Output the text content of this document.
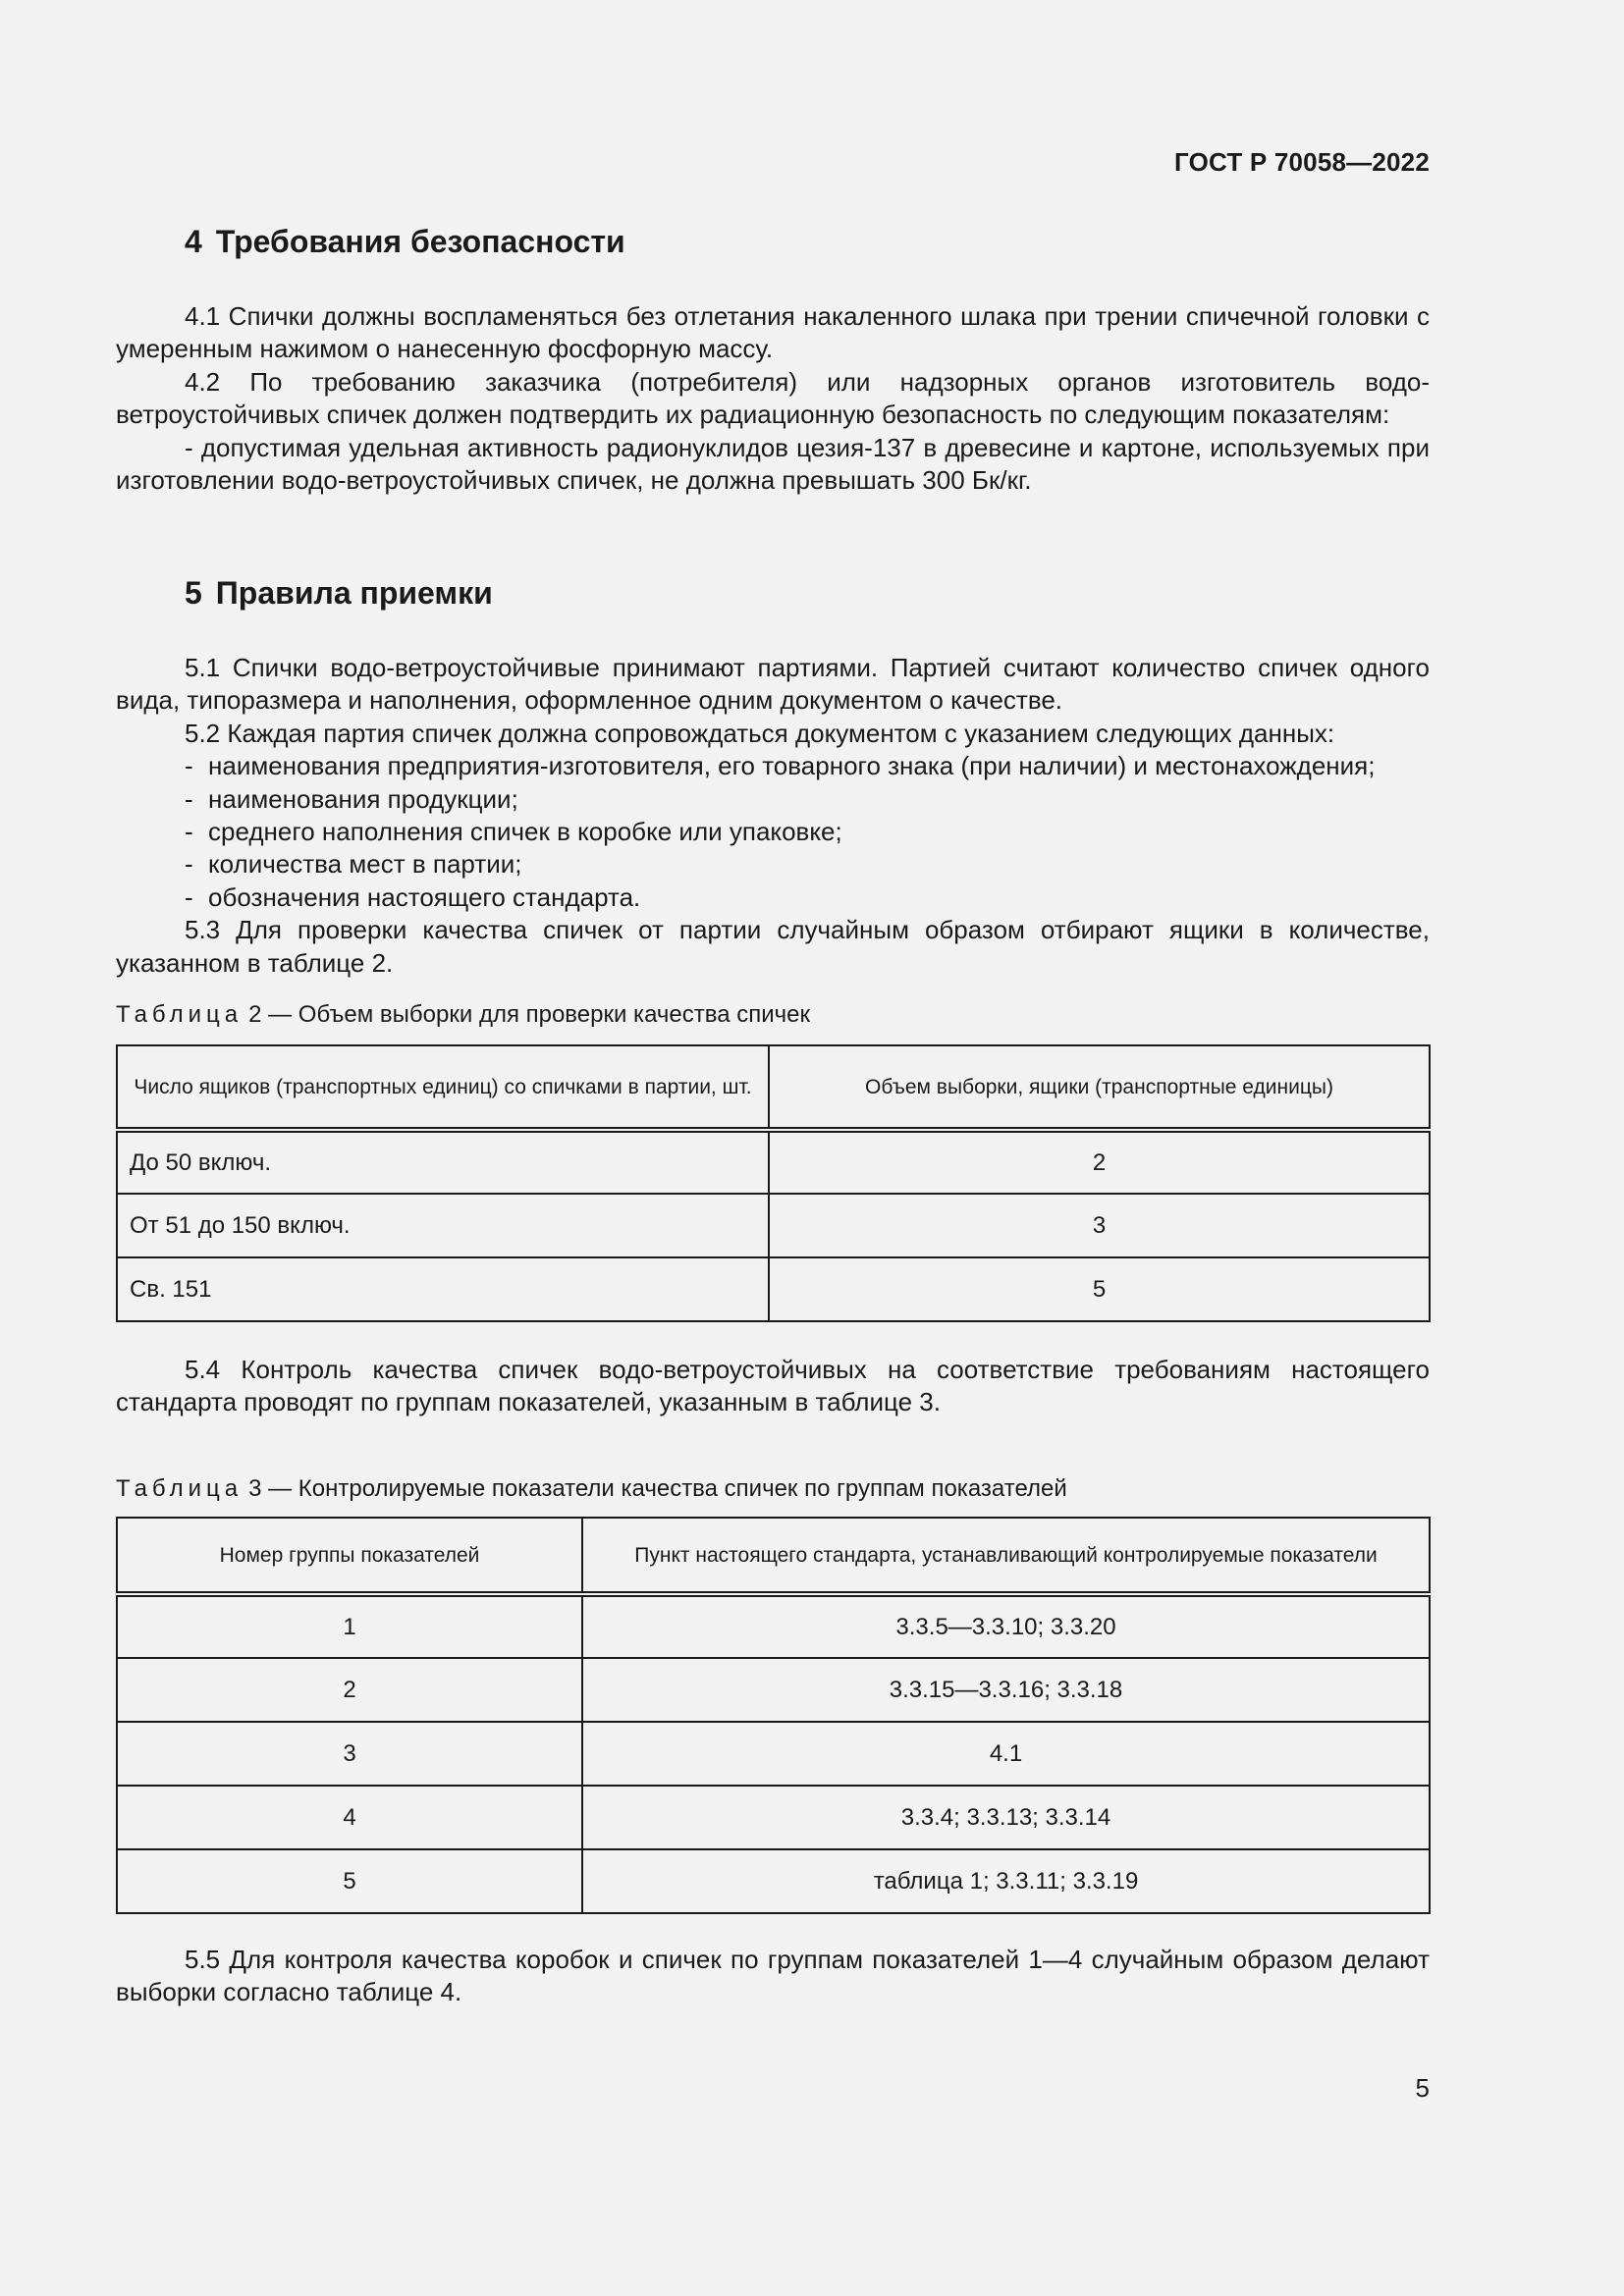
ГОСТ Р 70058—2022
4 Требования безопасности

4.1 Спички должны воспламеняться без отлетания накаленного шлака при трении спичечной головки с умеренным нажимом о нанесенную фосфорную массу.

4.2 По требованию заказчика (потребителя) или надзорных органов изготовитель водо-ветроустойчивых спичек должен подтвердить их радиационную безопасность по следующим показателям:

- допустимая удельная активность радионуклидов цезия-137 в древесине и картоне, используемых при изготовлении водо-ветроустойчивых спичек, не должна превышать 300 Бк/кг.

5 Правила приемки

5.1 Спички водо-ветроустойчивые принимают партиями. Партией считают количество спичек одного вида, типоразмера и наполнения, оформленное одним документом о качестве.

5.2 Каждая партия спичек должна сопровождаться документом с указанием следующих данных:

- наименования предприятия-изготовителя, его товарного знака (при наличии) и местонахождения;

- наименования продукции;

- среднего наполнения спичек в коробке или упаковке;

- количества мест в партии;

- обозначения настоящего стандарта.

5.3 Для проверки качества спичек от партии случайным образом отбирают ящики в количестве, указанном в таблице 2.

Таблица 2 — Объем выборки для проверки качества спичек
Число ящиков (транспортных единиц) со спичками в партии, шт.	Объем выборки, ящики (транспортные единицы)
До 50 включ.	2
От 51 до 150 включ.	3
Св. 151	5

5.4 Контроль качества спичек водо-ветроустойчивых на соответствие требованиям настоящего стандарта проводят по группам показателей, указанным в таблице 3.

Таблица 3 — Контролируемые показатели качества спичек по группам показателей
Номер группы показателей	Пункт настоящего стандарта, устанавливающий контролируемые показатели
1	3.3.5—3.3.10; 3.3.20
2	3.3.15—3.3.16; 3.3.18
3	4.1
4	3.3.4; 3.3.13; 3.3.14
5	таблица 1; 3.3.11; 3.3.19

5.5 Для контроля качества коробок и спичек по группам показателей 1—4 случайным образом делают выборки согласно таблице 4.

5
